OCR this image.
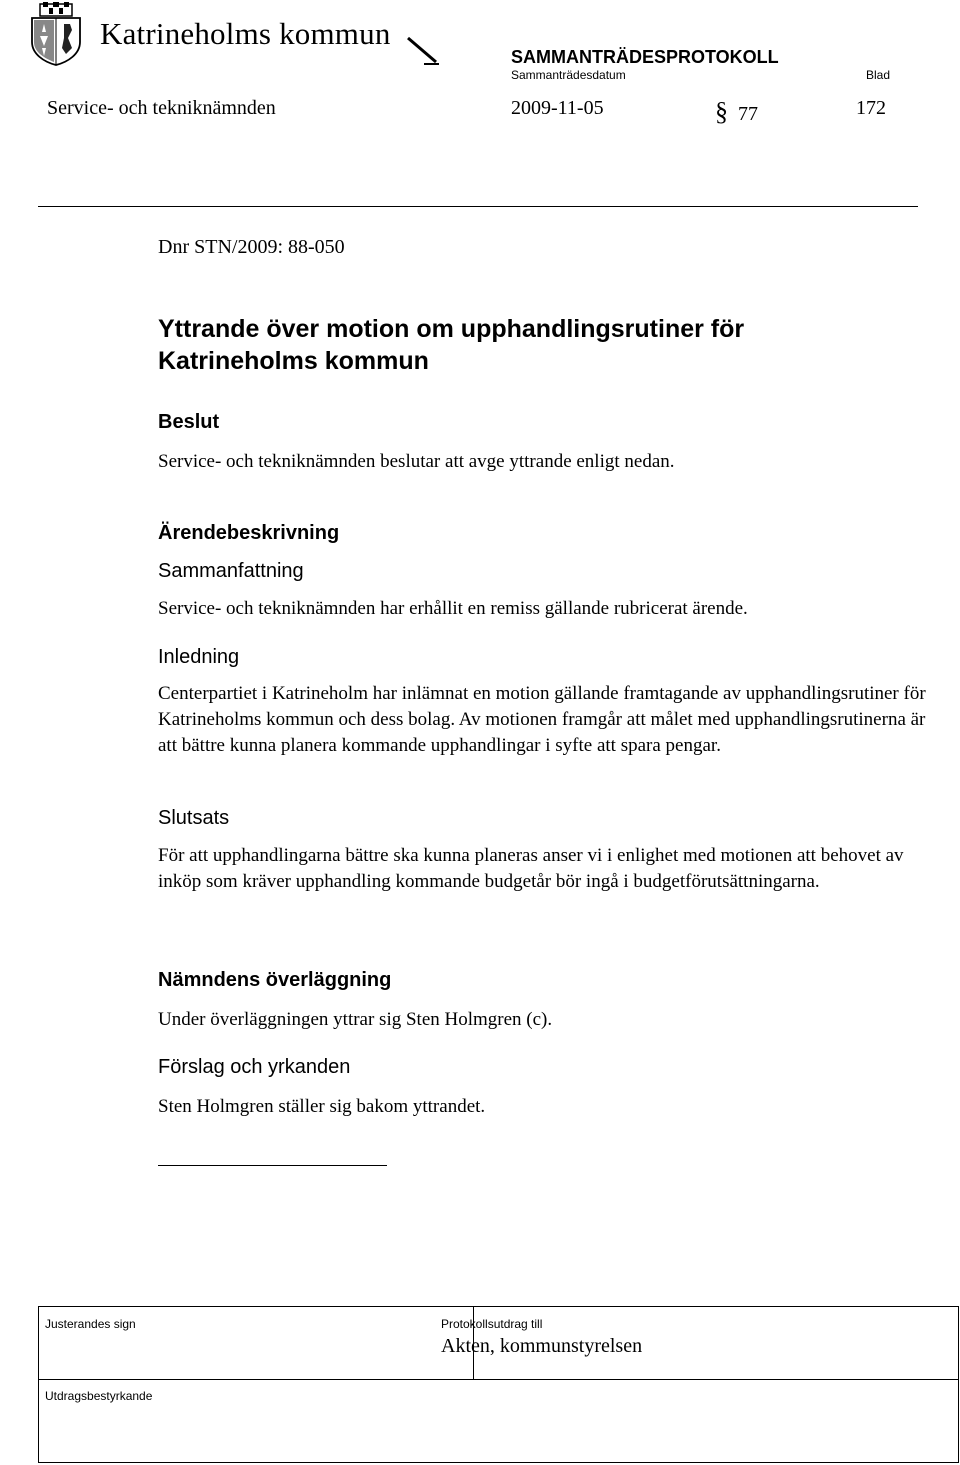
Katrineholms kommun
SAMMANTRÄDESPROTOKOLL
Sammanträdesdatum	Blad
Service- och tekniknämnden	2009-11-05	§ 77	172
Dnr STN/2009: 88-050
Yttrande över motion om upphandlingsrutiner för Katrineholms kommun
Beslut
Service- och tekniknämnden beslutar att avge yttrande enligt nedan.
Ärendebeskrivning
Sammanfattning
Service- och tekniknämnden har erhållit en remiss gällande rubricerat ärende.
Inledning
Centerpartiet i Katrineholm har inlämnat en motion gällande framtagande av upphandlingsrutiner för Katrineholms kommun och dess bolag. Av motionen framgår att målet med upphandlingsrutinerna är att bättre kunna planera kommande upphandlingar i syfte att spara pengar.
Slutsats
För att upphandlingarna bättre ska kunna planeras anser vi i enlighet med motionen att behovet av inköp som kräver upphandling kommande budgetår bör ingå i budgetförutsättningarna.
Nämndens överläggning
Under överläggningen yttrar sig Sten Holmgren (c).
Förslag och yrkanden
Sten Holmgren ställer sig bakom yttrandet.
Justerandes sign	Protokollsutdrag till
Akten, kommunstyrelsen
Utdragsbestyrkande
